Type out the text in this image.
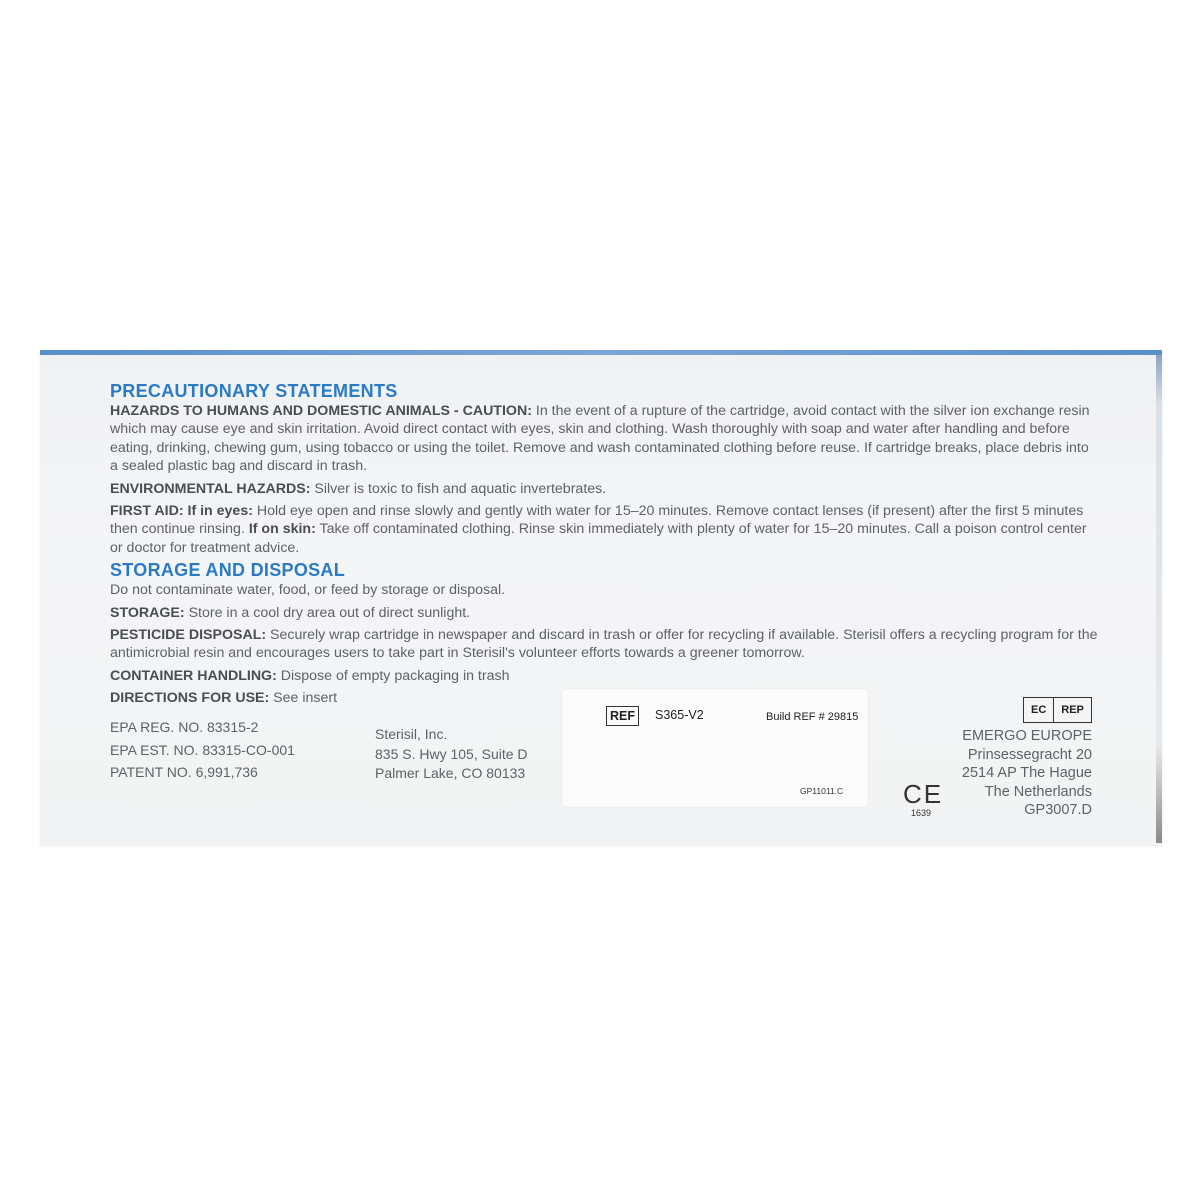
PRECAUTIONARY STATEMENTS

HAZARDS TO HUMANS AND DOMESTIC ANIMALS - CAUTION: In the event of a rupture of the cartridge, avoid contact with the silver ion exchange resin which may cause eye and skin irritation. Avoid direct contact with eyes, skin and clothing. Wash thoroughly with soap and water after handling and before eating, drinking, chewing gum, using tobacco or using the toilet. Remove and wash contaminated clothing before reuse. If cartridge breaks, place debris into a sealed plastic bag and discard in trash.

ENVIRONMENTAL HAZARDS: Silver is toxic to fish and aquatic invertebrates.

FIRST AID: If in eyes: Hold eye open and rinse slowly and gently with water for 15–20 minutes. Remove contact lenses (if present) after the first 5 minutes then continue rinsing. If on skin: Take off contaminated clothing. Rinse skin immediately with plenty of water for 15–20 minutes. Call a poison control center or doctor for treatment advice.

STORAGE AND DISPOSAL

Do not contaminate water, food, or feed by storage or disposal.

STORAGE: Store in a cool dry area out of direct sunlight.

PESTICIDE DISPOSAL: Securely wrap cartridge in newspaper and discard in trash or offer for recycling if available. Sterisil offers a recycling program for the antimicrobial resin and encourages users to take part in Sterisil's volunteer efforts towards a greener tomorrow.

CONTAINER HANDLING: Dispose of empty packaging in trash

DIRECTIONS FOR USE: See insert

EPA REG. NO. 83315-2
EPA EST. NO. 83315-CO-001
PATENT NO. 6,991,736
Sterisil, Inc.
835 S. Hwy 105, Suite D
Palmer Lake, CO 80133
REF	S365-V2	Build REF # 29815
GP11011.C CE
1639
EC	REP
EMERGO EUROPE
Prinsessegracht 20
2514 AP The Hague
The Netherlands
GP3007.D
